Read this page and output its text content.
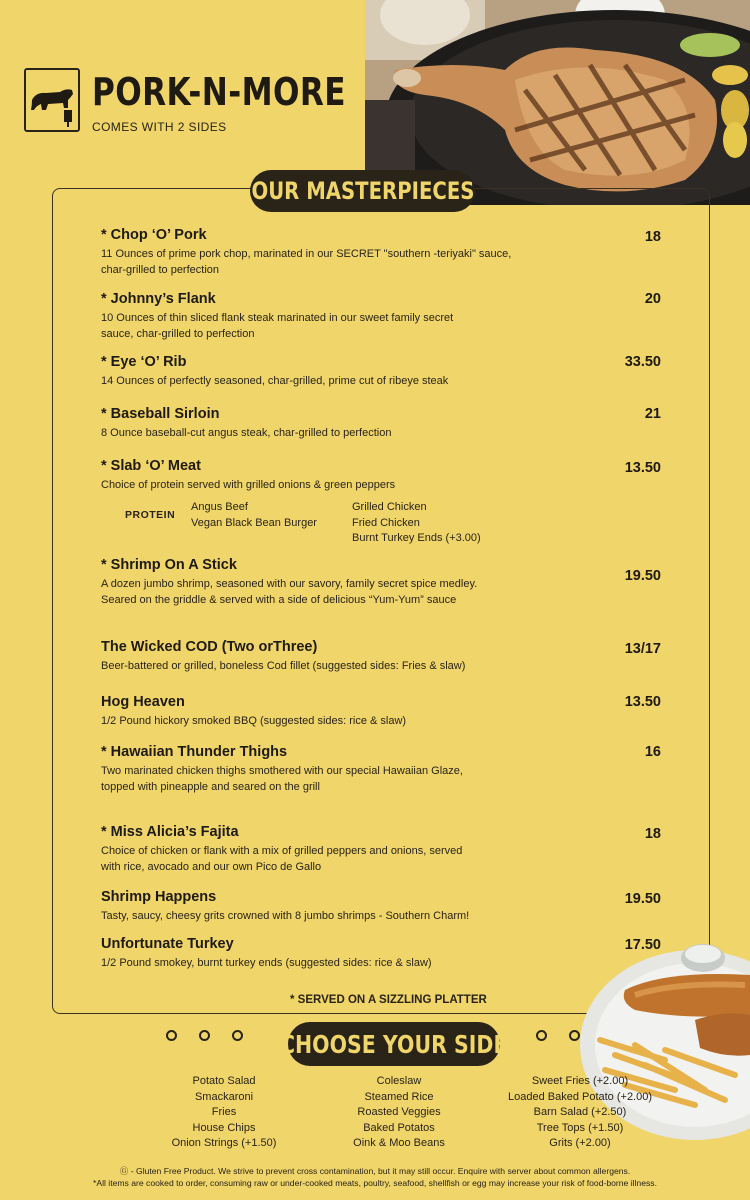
PORK-N-MORE
COMES WITH 2 SIDES
OUR MASTERPIECES
* Chop ‘O’ Pork	18
11 Ounces of prime pork chop, marinated in our SECRET "southern -teriyaki" sauce, char-grilled to perfection
* Johnny’s Flank	20
10 Ounces of thin sliced flank steak marinated in our sweet family secret sauce, char-grilled to perfection
* Eye ‘O’ Rib	33.50
14 Ounces of perfectly seasoned, char-grilled, prime cut of ribeye steak
* Baseball Sirloin	21
8 Ounce baseball-cut angus steak, char-grilled to perfection
* Slab ‘O’ Meat	13.50
Choice of protein served with grilled onions & green peppers
PROTEIN
Angus Beef
Vegan Black Bean Burger
Grilled Chicken
Fried Chicken
Burnt Turkey Ends (+3.00)
* Shrimp On A Stick
19.50
A dozen jumbo shrimp, seasoned with our savory, family secret spice medley. Seared on the griddle & served with a side of delicious “Yum-Yum” sauce
The Wicked COD (Two orThree)	13/17
Beer-battered or grilled, boneless Cod fillet (suggested sides: Fries & slaw)
Hog Heaven	13.50
1/2 Pound hickory smoked BBQ (suggested sides: rice & slaw)
* Hawaiian Thunder Thighs	16
Two marinated chicken thighs smothered with our special Hawaiian Glaze, topped with pineapple and seared on the grill
* Miss Alicia’s Fajita	18
Choice of chicken or flank with a mix of grilled peppers and onions, served with rice, avocado and our own Pico de Gallo
Shrimp Happens	19.50
Tasty, saucy, cheesy grits crowned with 8 jumbo shrimps - Southern Charm!
Unfortunate Turkey	17.50
1/2 Pound smokey, burnt turkey ends (suggested sides: rice & slaw)
* SERVED ON A SIZZLING PLATTER
CHOOSE YOUR SIDE
Potato Salad
Smackaroni
Fries
House Chips
Onion Strings (+1.50)
Coleslaw
Steamed Rice
Roasted Veggies
Baked Potatos
Oink & Moo Beans
Sweet Fries (+2.00)
Loaded Baked Potato (+2.00)
Barn Salad (+2.50)
Tree Tops (+1.50)
Grits (+2.00)
Ⓖ - Gluten Free Product. We strive to prevent cross contamination, but it may still occur. Enquire with server about common allergens.
*All items are cooked to order, consuming raw or under-cooked meats, poultry, seafood, shellfish or egg may increase your risk of food-borne illness.
